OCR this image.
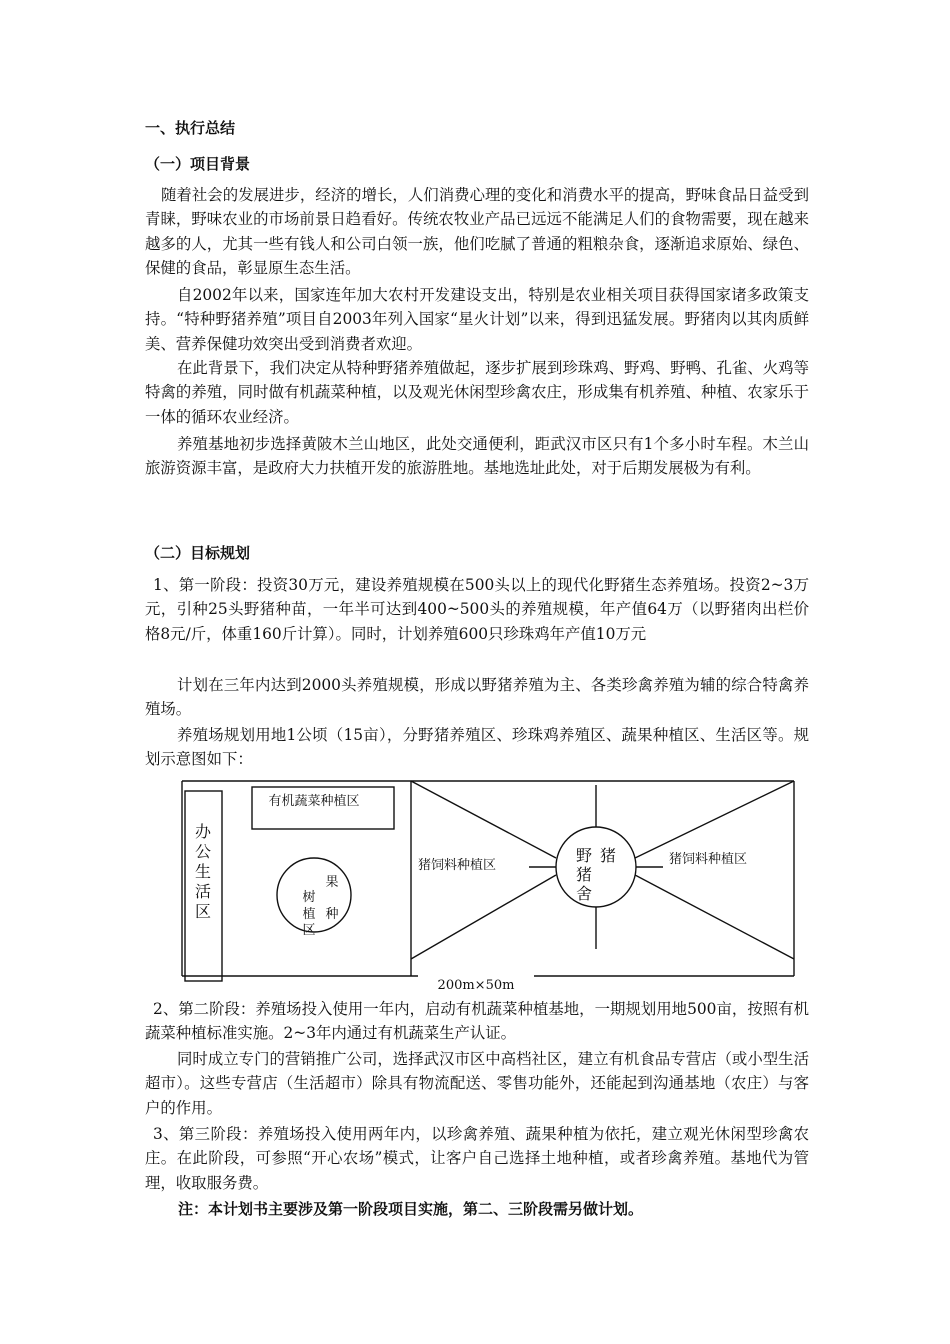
一、执行总结
（一）项目背景
随着社会的发展进步，经济的增长，人们消费心理的变化和消费水平的提高，野味食品日益受到青睐，野味农业的市场前景日趋看好。传统农牧业产品已远远不能满足人们的食物需要，现在越来越多的人，尤其一些有钱人和公司白领一族，他们吃腻了普通的粗粮杂食，逐渐追求原始、绿色、保健的食品，彰显原生态生活。
自2002年以来，国家连年加大农村开发建设支出，特别是农业相关项目获得国家诸多政策支持。“特种野猪养殖”项目自2003年列入国家“星火计划”以来，得到迅猛发展。野猪肉以其肉质鲜美、营养保健功效突出受到消费者欢迎。
在此背景下，我们决定从特种野猪养殖做起，逐步扩展到珍珠鸡、野鸡、野鸭、孔雀、火鸡等特禽的养殖，同时做有机蔬菜种植，以及观光休闲型珍禽农庄，形成集有机养殖、种植、农家乐于一体的循环农业经济。
养殖基地初步选择黄陂木兰山地区，此处交通便利，距武汉市区只有1个多小时车程。木兰山旅游资源丰富，是政府大力扶植开发的旅游胜地。基地选址此处，对于后期发展极为有利。
（二）目标规划
1、第一阶段：投资30万元，建设养殖规模在500头以上的现代化野猪生态养殖场。投资2~3万元，引种25头野猪种苗，一年半可达到400~500头的养殖规模，年产值64万（以野猪肉出栏价格8元/斤，体重160斤计算）。同时，计划养殖600只珍珠鸡年产值10万元
计划在三年内达到2000头养殖规模，形成以野猪养殖为主、各类珍禽养殖为辅的综合特禽养殖场。
养殖场规划用地1公顷（15亩），分野猪养殖区、珍珠鸡养殖区、蔬果种植区、生活区等。规划示意图如下：
办
公
生
活
区
有机蔬菜种植区
果
树
种
植
区
猪饲料种植区	猪饲料种植区
野 猪
猪
舍
200m×50m
2、第二阶段：养殖场投入使用一年内，启动有机蔬菜种植基地，一期规划用地500亩，按照有机蔬菜种植标准实施。2~3年内通过有机蔬菜生产认证。
同时成立专门的营销推广公司，选择武汉市区中高档社区，建立有机食品专营店（或小型生活超市）。这些专营店（生活超市）除具有物流配送、零售功能外，还能起到沟通基地（农庄）与客户的作用。
3、第三阶段：养殖场投入使用两年内，以珍禽养殖、蔬果种植为依托，建立观光休闲型珍禽农庄。在此阶段，可参照“开心农场”模式，让客户自己选择土地种植，或者珍禽养殖。基地代为管理，收取服务费。
注：本计划书主要涉及第一阶段项目实施，第二、三阶段需另做计划。
